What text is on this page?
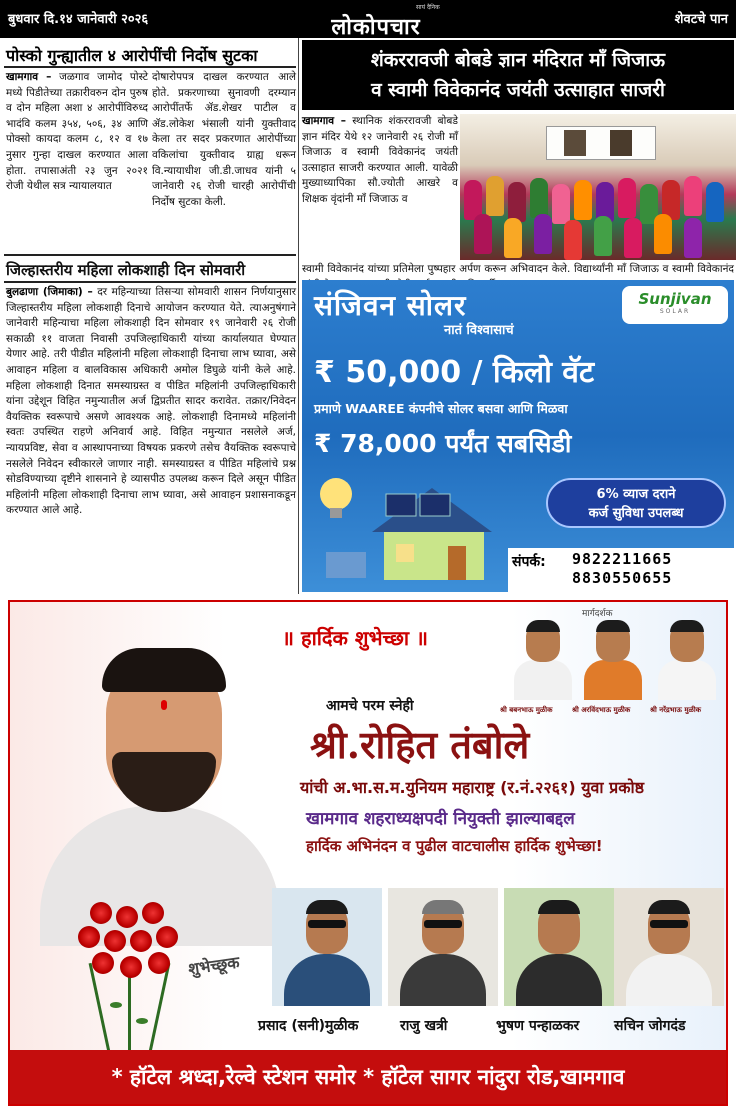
बुधवार दि.१४ जानेवारी २०२६
सायं दैनिक
लोकोपचार	शेवटचे पान
पोस्को गुन्ह्यातील ४ आरोपींची निर्दोष सुटका
खामगाव – जळगाव जामोद पोस्टे मध्ये पिडीतेच्या तक्रारीवरुन दोन पुरुष व दोन महिला अशा ४ आरोपींविरुध्द भादंवि कलम ३५४, ५०६, ३४ आणि पोक्सो कायदा कलम ८, १२ व १७ नुसार गुन्हा दाखल करण्यात आला होता. तपासाअंती २३ जुन २०२१ रोजी येथील सत्र न्यायालयात
दोषारोपपत्र दाखल करण्यात आले होते. प्रकरणाच्या सुनावणी दरम्यान आरोपींतर्फे ॲड.शेखर पाटील व ॲड.लोकेश भंसाली यांनी युक्तीवाद केला तर सदर प्रकरणात आरोपींच्या वकिलांचा युक्तीवाद ग्राह्य धरून वि.न्यायाधीश जी.डी.जाधव यांनी ५ जानेवारी २६ रोजी चारही आरोपींची निर्दोष सुटका केली.
जिल्हास्तरीय महिला लोकशाही दिन सोमवारी
बुलढाणा (जिमाका) – दर महिन्याच्या तिसऱ्या सोमवारी शासन निर्णयानुसार जिल्हास्तरीय महिला लोकशाही दिनाचे आयोजन करण्यात येते. त्याअनुषंगाने जानेवारी महिन्याचा महिला लोकशाही दिन सोमवार १९ जानेवारी २६ रोजी सकाळी ११ वाजता निवासी उपजिल्हाधिकारी यांच्या कार्यालयात घेण्यात येणार आहे. तरी पीडीत महिलांनी महिला लोकशाही दिनाचा लाभ घ्यावा, असे आवाहन महिला व बालविकास अधिकारी अमोल डिघुळे यांनी केले आहे. महिला लोकशाही दिनात समस्याग्रस्त व पीडित महिलांनी उपजिल्हाधिकारी यांना उद्देशून विहित नमुन्यातील अर्ज द्विप्रतीत सादर करावेत. तक्रार/निवेदन वैयक्तिक स्वरूपाचे असणे आवश्यक आहे. लोकशाही दिनामध्ये महिलांनी स्वतः उपस्थित राहणे अनिवार्य आहे. विहित नमुन्यात नसलेले अर्ज, न्यायप्रविष्ट, सेवा व आस्थापनाच्या विषयक प्रकरणे तसेच वैयक्तिक स्वरूपाचे नसलेले निवेदन स्वीकारले जाणार नाही. समस्याग्रस्त व पीडित महिलांचे प्रश्न सोडविण्याच्या दृष्टीने शासनाने हे व्यासपीठ उपलब्ध करून दिले असून पीडित महिलांनी महिला लोकशाही दिनाचा लाभ घ्यावा, असे आवाहन प्रशासनाकडून करण्यात आले आहे.
शंकररावजी बोबडे ज्ञान मंदिरात माँ जिजाऊ
व स्वामी विवेकानंद जयंती उत्साहात साजरी
खामगाव – स्थानिक शंकररावजी बोबडे ज्ञान मंदिर येथे १२ जानेवारी २६ रोजी माँ जिजाऊ व स्वामी विवेकानंद जयंती उत्साहात साजरी करण्यात आली. यावेळी मुख्याध्यापिका सौ.ज्योती आखरे व शिक्षक वृंदांनी माँ जिजाऊ व
स्वामी विवेकानंद यांच्या प्रतिमेला पुष्पहार अर्पण करून अभिवादन केले. विद्यार्थ्यांनी माँ जिजाऊ व स्वामी विवेकानंद
संजिवन सोलर
नातं विश्वासाचं
Sunjivan
SOLAR
₹ 50,000 / किलो वॅट
प्रमाणे WAAREE कंपनीचे सोलर बसवा आणि मिळवा
₹ 78,000 पर्यंत सबसिडी
6% व्याज दराने
कर्ज सुविधा उपलब्ध
संपर्क: 9822211665
8830550655
शुभेच्छूक
॥ हार्दिक शुभेच्छा ॥
मार्गदर्शक
श्री बबनभाऊ मुळीक	श्री अरविंदभाऊ मुळीक	श्री नरेंद्रभाऊ मुळीक
आमचे परम स्नेही
श्री.रोहित तंबोले
यांची अ.भा.स.म.युनियम महाराष्ट्र (र.नं.२२६१) युवा प्रकोष्ठ
खामगाव शहराध्यक्षपदी नियुक्ती झाल्याबद्दल
हार्दिक अभिनंदन व पुढील वाटचालीस हार्दिक शुभेच्छा!
प्रसाद (सनी)मुळीक	राजु खत्री	भुषण पन्हाळकर सचिन जोगदंड
* हॉटेल श्रध्दा,रेल्वे स्टेशन समोर * हॉटेल सागर नांदुरा रोड,खामगाव
